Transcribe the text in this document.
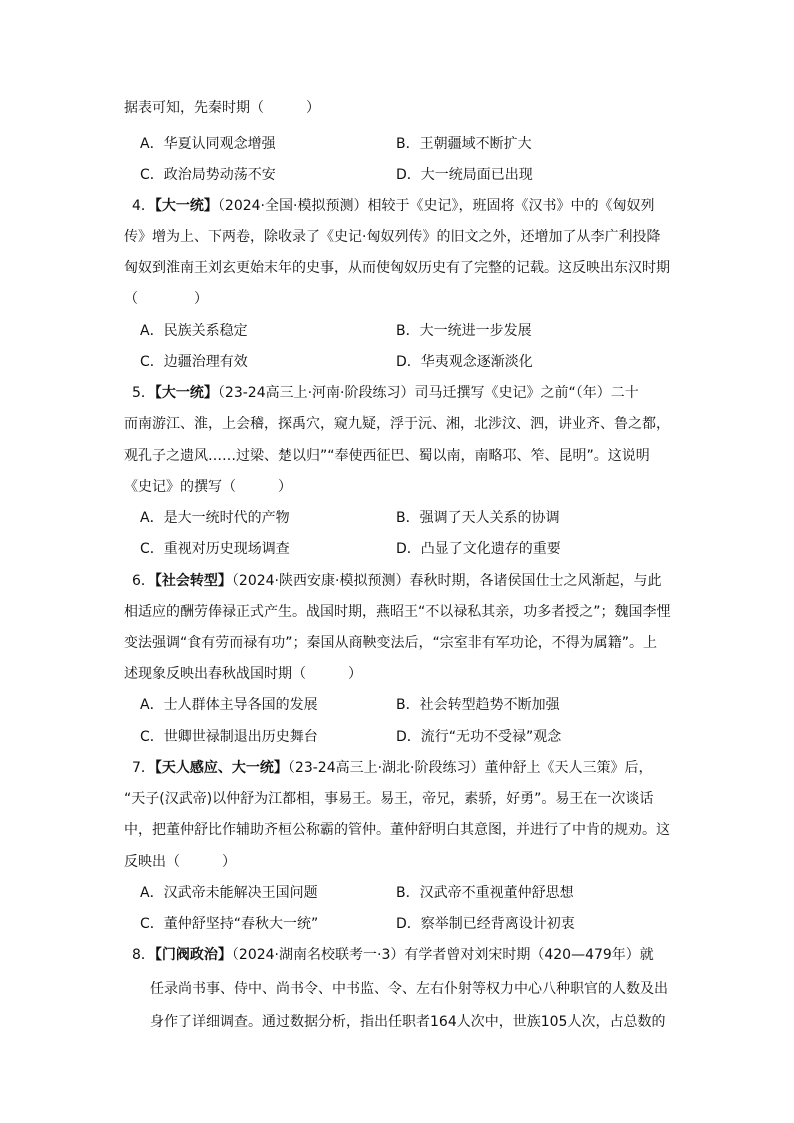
据表可知，先秦时期（　　　）
A．华夏认同观念增强	B．王朝疆域不断扩大
C．政治局势动荡不安	D．大一统局面已出现
4．【大一统】（2024·全国·模拟预测）相较于《史记》，班固将《汉书》中的《匈奴列
传》增为上、下两卷，除收录了《史记·匈奴列传》的旧文之外，还增加了从李广利投降
匈奴到淮南王刘玄更始末年的史事，从而使匈奴历史有了完整的记载。这反映出东汉时期
（　　　　）
A．民族关系稳定	B．大一统进一步发展
C．边疆治理有效	D．华夷观念逐渐淡化
5．【大一统】（23-24高三上·河南·阶段练习）司马迁撰写《史记》之前“（年）二十
而南游江、淮，上会稽，探禹穴，窥九疑，浮于沅、湘，北涉汶、泗，讲业齐、鲁之都，
观孔子之遗风……过梁、楚以归”“奉使西征巴、蜀以南，南略邛、笮、昆明”。这说明
《史记》的撰写（　　　）
A．是大一统时代的产物	B．强调了天人关系的协调
C．重视对历史现场调查	D．凸显了文化遗存的重要
6．【社会转型】（2024·陕西安康·模拟预测）春秋时期，各诸侯国仕士之风渐起，与此
相适应的酬劳俸禄正式产生。战国时期，燕昭王“不以禄私其亲，功多者授之”；魏国李悝
变法强调“食有劳而禄有功”；秦国从商鞅变法后，“宗室非有军功论，不得为属籍”。上
述现象反映出春秋战国时期（　　　）
A．士人群体主导各国的发展	B．社会转型趋势不断加强
C．世卿世禄制退出历史舞台	D．流行“无功不受禄”观念
7．【天人感应、大一统】（23-24高三上·湖北·阶段练习）董仲舒上《天人三策》后，
“天子(汉武帝)以仲舒为江都相，事易王。易王，帝兄，素骄，好勇”。易王在一次谈话
中，把董仲舒比作辅助齐桓公称霸的管仲。董仲舒明白其意图，并进行了中肯的规劝。这
反映出（　　　）
A．汉武帝未能解决王国问题	B．汉武帝不重视董仲舒思想
C．董仲舒坚持“春秋大一统”	D．察举制已经背离设计初衷
8．【门阀政治】（2024·湖南名校联考一·3）有学者曾对刘宋时期（420—479年）就
任录尚书事、侍中、尚书令、中书监、令、左右仆射等权力中心八种职官的人数及出
身作了详细调查。通过数据分析，指出任职者164人次中，世族105人次，占总数的
